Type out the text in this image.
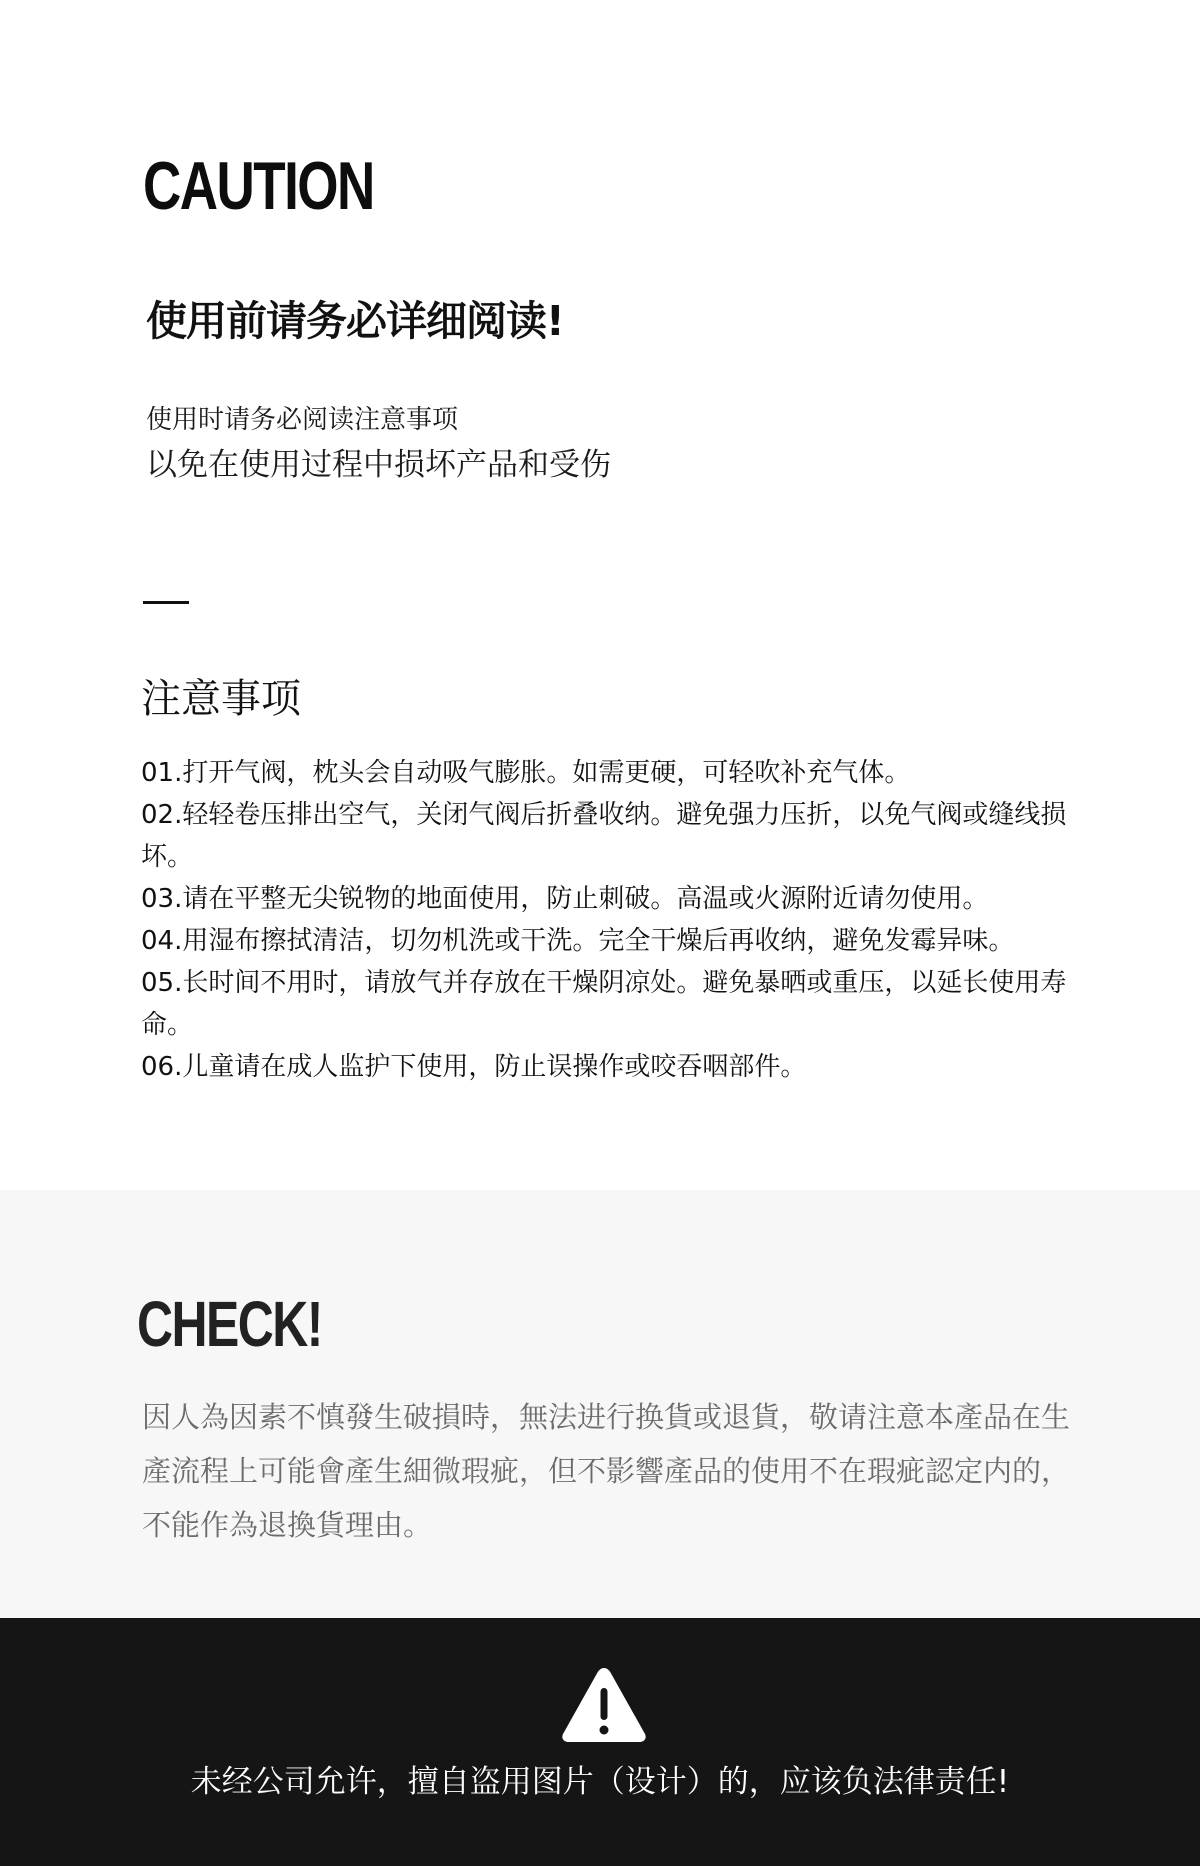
CAUTION
使用前请务必详细阅读!
使用时请务必阅读注意事项
以免在使用过程中损坏产品和受伤
注意事项
01.打开气阀，枕头会自动吸气膨胀。如需更硬，可轻吹补充气体。
02.轻轻卷压排出空气，关闭气阀后折叠收纳。避免强力压折，以免气阀或缝线损坏。
03.请在平整无尖锐物的地面使用，防止刺破。高温或火源附近请勿使用。
04.用湿布擦拭清洁，切勿机洗或干洗。完全干燥后再收纳，避免发霉异味。
05.长时间不用时，请放气并存放在干燥阴凉处。避免暴晒或重压，以延长使用寿命。
06.儿童请在成人监护下使用，防止误操作或咬吞咽部件。
CHECK!

因人為因素不慎發生破損時，無法进行换貨或退貨，敬请注意本產品在生產流程上可能會產生細微瑕疵，但不影響產品的使用不在瑕疵認定内的，不能作為退換貨理由。

未经公司允许，擅自盗用图片（设计）的，应该负法律责任!
